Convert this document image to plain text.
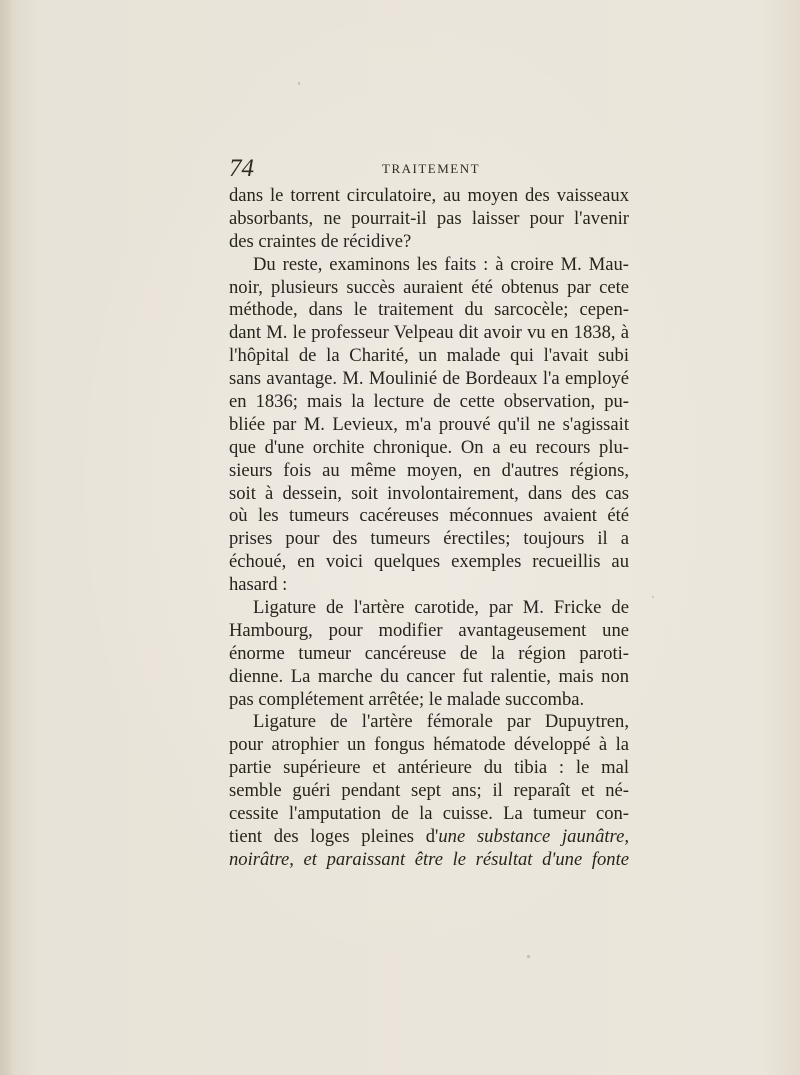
74	TRAITEMENT
dans le torrent circulatoire, au moyen des vaisseaux
absorbants, ne pourrait-il pas laisser pour l'avenir
des craintes de récidive?
Du reste, examinons les faits : à croire M. Mau-
noir, plusieurs succès auraient été obtenus par cete
méthode, dans le traitement du sarcocèle; cepen-
dant M. le professeur Velpeau dit avoir vu en 1838, à
l'hôpital de la Charité, un malade qui l'avait subi
sans avantage. M. Moulinié de Bordeaux l'a employé
en 1836; mais la lecture de cette observation, pu-
bliée par M. Levieux, m'a prouvé qu'il ne s'agissait
que d'une orchite chronique. On a eu recours plu-
sieurs fois au même moyen, en d'autres régions,
soit à dessein, soit involontairement, dans des cas
où les tumeurs cacéreuses méconnues avaient été
prises pour des tumeurs érectiles; toujours il a
échoué, en voici quelques exemples recueillis au
hasard :
Ligature de l'artère carotide, par M. Fricke de
Hambourg, pour modifier avantageusement une
énorme tumeur cancéreuse de la région paroti-
dienne. La marche du cancer fut ralentie, mais non
pas complétement arrêtée; le malade succomba.
Ligature de l'artère fémorale par Dupuytren,
pour atrophier un fongus hématode développé à la
partie supérieure et antérieure du tibia : le mal
semble guéri pendant sept ans; il reparaît et né-
cessite l'amputation de la cuisse. La tumeur con-
tient des loges pleines d'une substance jaunâtre,
noirâtre, et paraissant être le résultat d'une fonte
